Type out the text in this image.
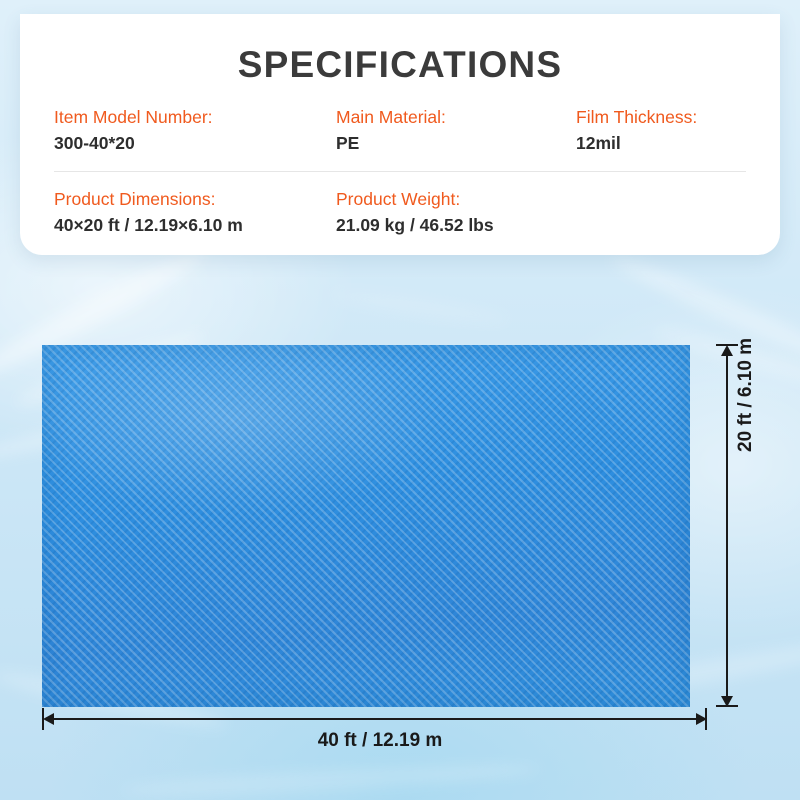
SPECIFICATIONS
Item Model Number:
300-40*20
Main Material:
PE
Film Thickness:
12mil
Product Dimensions:
40×20 ft / 12.19×6.10 m
Product Weight:
21.09 kg / 46.52 lbs
20 ft / 6.10 m
40 ft / 12.19 m
